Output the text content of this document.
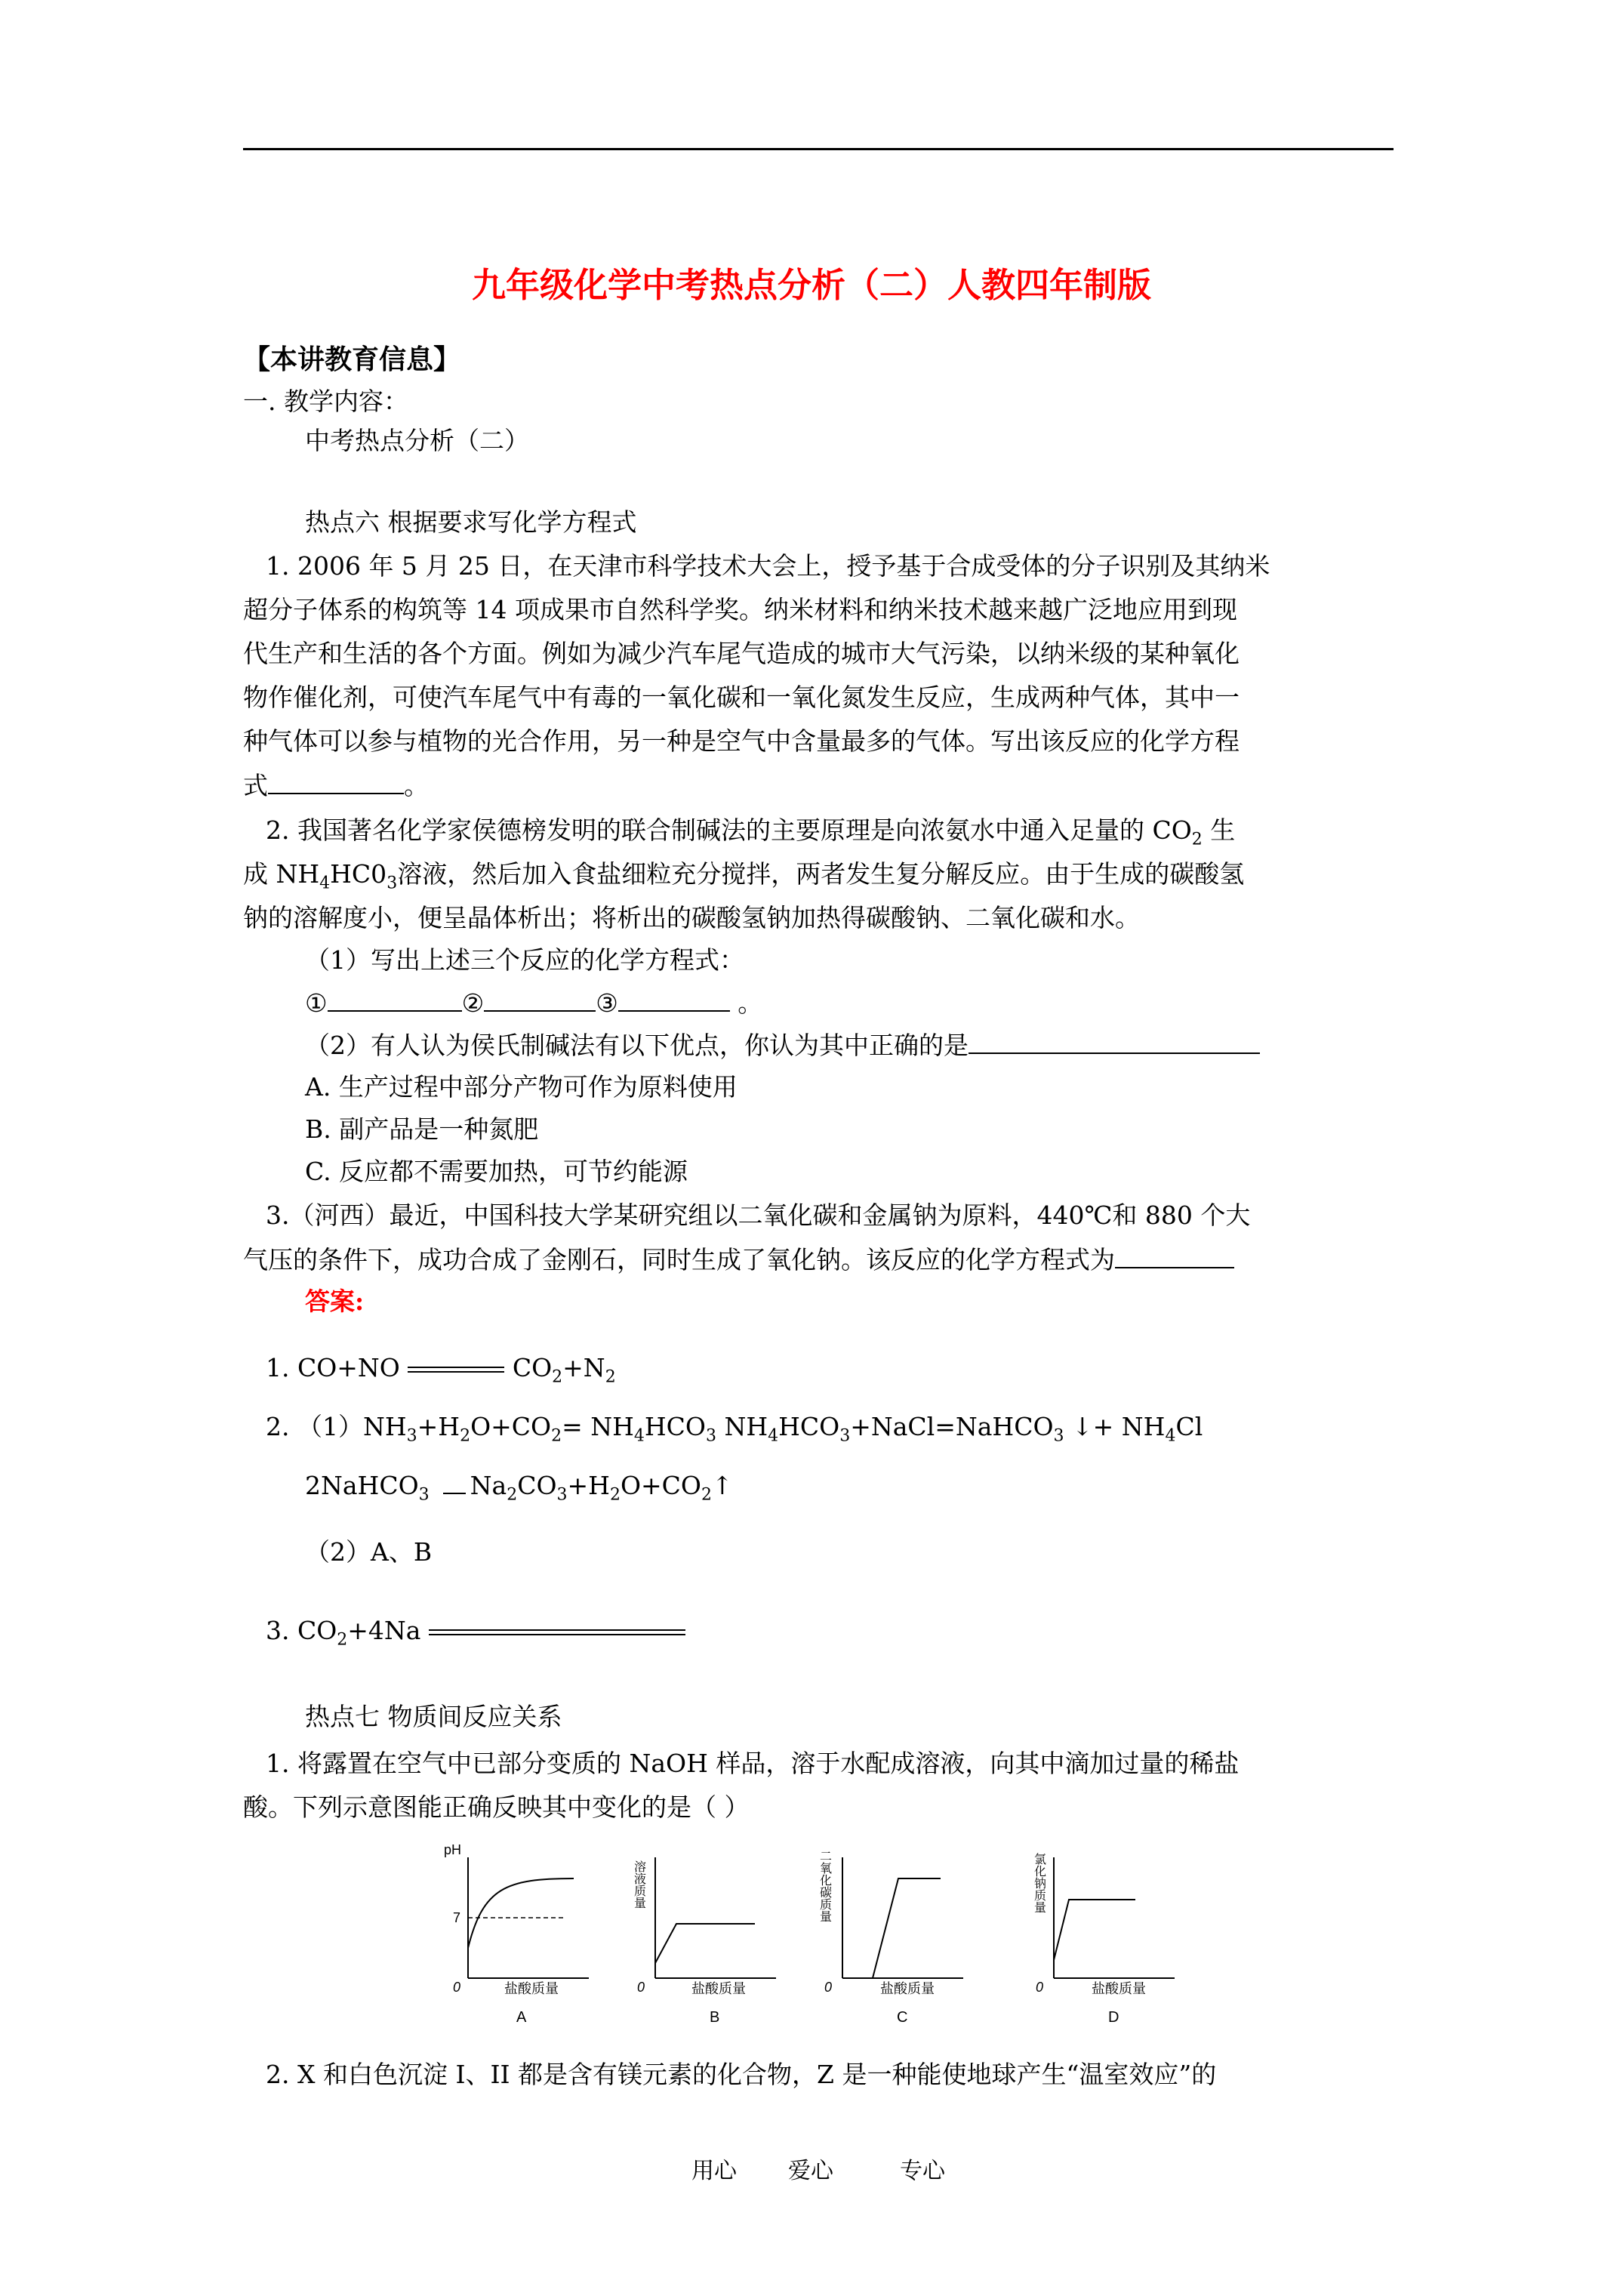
九年级化学中考热点分析（二）人教四年制版
【本讲教育信息】
一. 教学内容：
中考热点分析（二）
热点六 根据要求写化学方程式
1. 2006 年 5 月 25 日，在天津市科学技术大会上，授予基于合成受体的分子识别及其纳米
超分子体系的构筑等 14 项成果市自然科学奖。纳米材料和纳米技术越来越广泛地应用到现
代生产和生活的各个方面。例如为减少汽车尾气造成的城市大气污染，以纳米级的某种氧化
物作催化剂，可使汽车尾气中有毒的一氧化碳和一氧化氮发生反应，生成两种气体，其中一
种气体可以参与植物的光合作用，另一种是空气中含量最多的气体。写出该反应的化学方程
式	。
2. 我国著名化学家侯德榜发明的联合制碱法的主要原理是向浓氨水中通入足量的 $CO_2$ 生
成 $NH_4HC0_3$溶液，然后加入食盐细粒充分搅拌，两者发生复分解反应。由于生成的碳酸氢
钠的溶解度小，便呈晶体析出；将析出的碳酸氢钠加热得碳酸钠、二氧化碳和水。
（1）写出上述三个反应的化学方程式：
①	②	③	。
（2）有人认为侯氏制碱法有以下优点，你认为其中正确的是
A. 生产过程中部分产物可作为原料使用
B. 副产品是一种氮肥
C. 反应都不需要加热，可节约能源
3.（河西）最近，中国科技大学某研究组以二氧化碳和金属钠为原料，440℃和 880 个大
气压的条件下，成功合成了金刚石，同时生成了氧化钠。该反应的化学方程式为
答案:
1. CO+NO	$CO_2+N_2$
2. $(1)NH_3+H_2O+CO_2= NH_4HCO_3$ $NH_4HCO_3+NaCl=NaHCO_3$ ↓+ $NH_4Cl$
2NaHCO$_3$ $Na_2CO_3+H_2O+CO_2↑$
（2）A、B
3. $CO_2+4Na$
热点七 物质间反应关系
1. 将露置在空气中已部分变质的 NaOH 样品，溶于水配成溶液，向其中滴加过量的稀盐
酸。下列示意图能正确反映其中变化的是（ ）
pH
7
0	盐酸质量
A
溶液质量
0	盐酸质量
B
二氧化碳质量
0	盐酸质量
C
氯化钠质量
0	盐酸质量
D
2. X 和白色沉淀 I、II 都是含有镁元素的化合物，Z 是一种能使地球产生“温室效应”的
用心 爱心	专心
